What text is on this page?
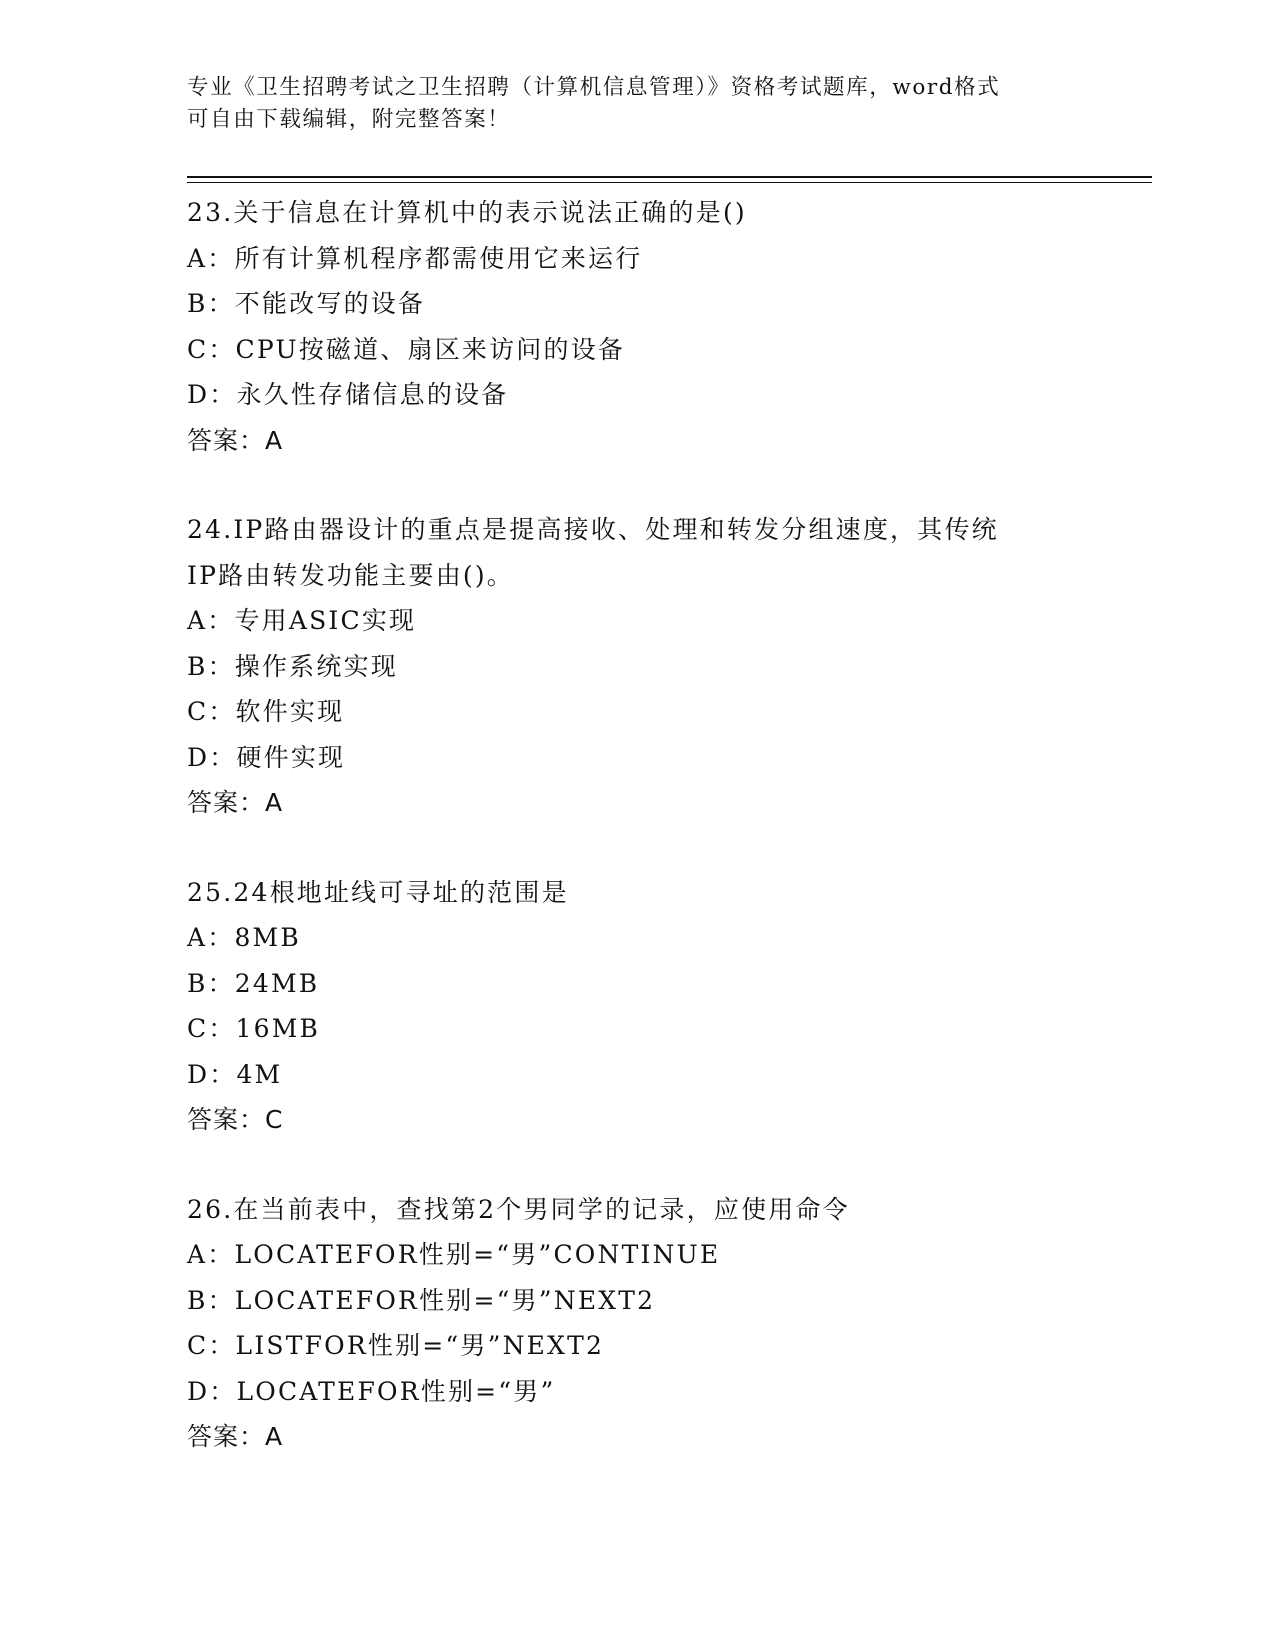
专业《卫生招聘考试之卫生招聘（计算机信息管理）》资格考试题库，word格式
可自由下载编辑，附完整答案！
23.关于信息在计算机中的表示说法正确的是()
A：所有计算机程序都需使用它来运行
B：不能改写的设备
C：CPU按磁道、扇区来访问的设备
D：永久性存储信息的设备
答案：A
24.IP路由器设计的重点是提高接收、处理和转发分组速度，其传统
IP路由转发功能主要由()。
A：专用ASIC实现
B：操作系统实现
C：软件实现
D：硬件实现
答案：A
25.24根地址线可寻址的范围是
A：8MB
B：24MB
C：16MB
D：4M
答案：C
26.在当前表中，查找第2个男同学的记录，应使用命令
A：LOCATEFOR性别=“男”CONTINUE
B：LOCATEFOR性别=“男”NEXT2
C：LISTFOR性别=“男”NEXT2
D：LOCATEFOR性别=“男”
答案：A
